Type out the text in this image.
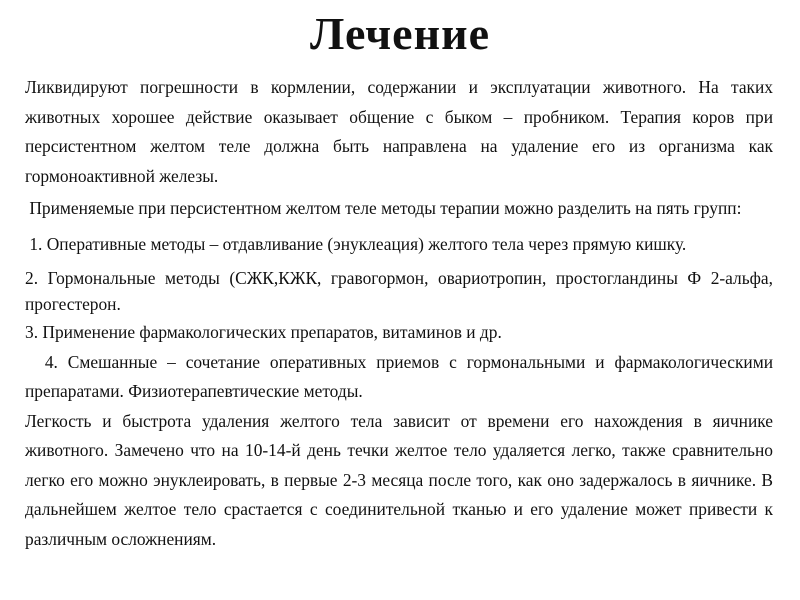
Лечение

Ликвидируют погрешности в кормлении, содержании и эксплуатации животного. На таких животных хорошее действие оказывает общение с быком – пробником. Терапия коров при персистентном желтом теле должна быть направлена на удаление его из организма как гормоноактивной железы.

Применяемые при персистентном желтом теле методы терапии можно разделить на пять групп:

1. Оперативные методы – отдавливание (энуклеация) желтого тела через прямую кишку.

2. Гормональные методы (СЖК,КЖК, гравогормон, овариотропин, простогландины Ф 2-альфа, прогестерон.

3. Применение фармакологических препаратов, витаминов и др.

4. Смешанные – сочетание оперативных приемов с гормональными и фармакологическими препаратами. Физиотерапевтические методы.

Легкость и быстрота удаления желтого тела зависит от времени его нахождения в яичнике животного. Замечено что на 10-14-й день течки желтое тело удаляется легко, также сравнительно легко его можно энуклеировать, в первые 2-3 месяца после того, как оно задержалось в яичнике. В дальнейшем желтое тело срастается с соединительной тканью и его удаление может привести к различным осложнениям.
